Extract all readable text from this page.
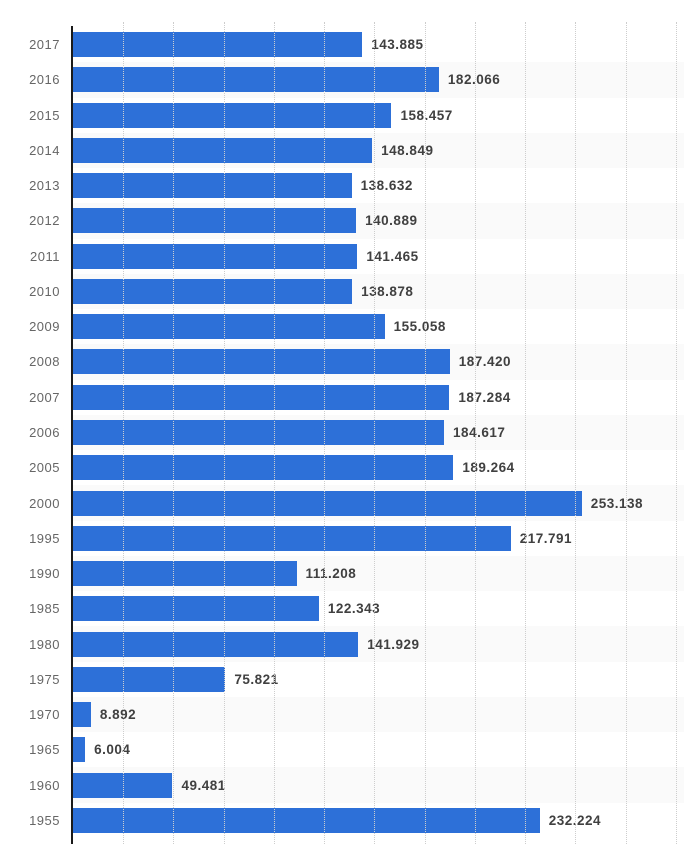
143.885
182.066
158.457
148.849
138.632
140.889
141.465
138.878
155.058
187.420
187.284
184.617
189.264
253.138
217.791
111.208
122.343
141.929
75.821
8.892
6.004
49.481
232.224
2017
2016
2015
2014
2013
2012
2011
2010
2009
2008
2007
2006
2005
2000
1995
1990
1985
1980
1975
1970
1965
1960
1955
